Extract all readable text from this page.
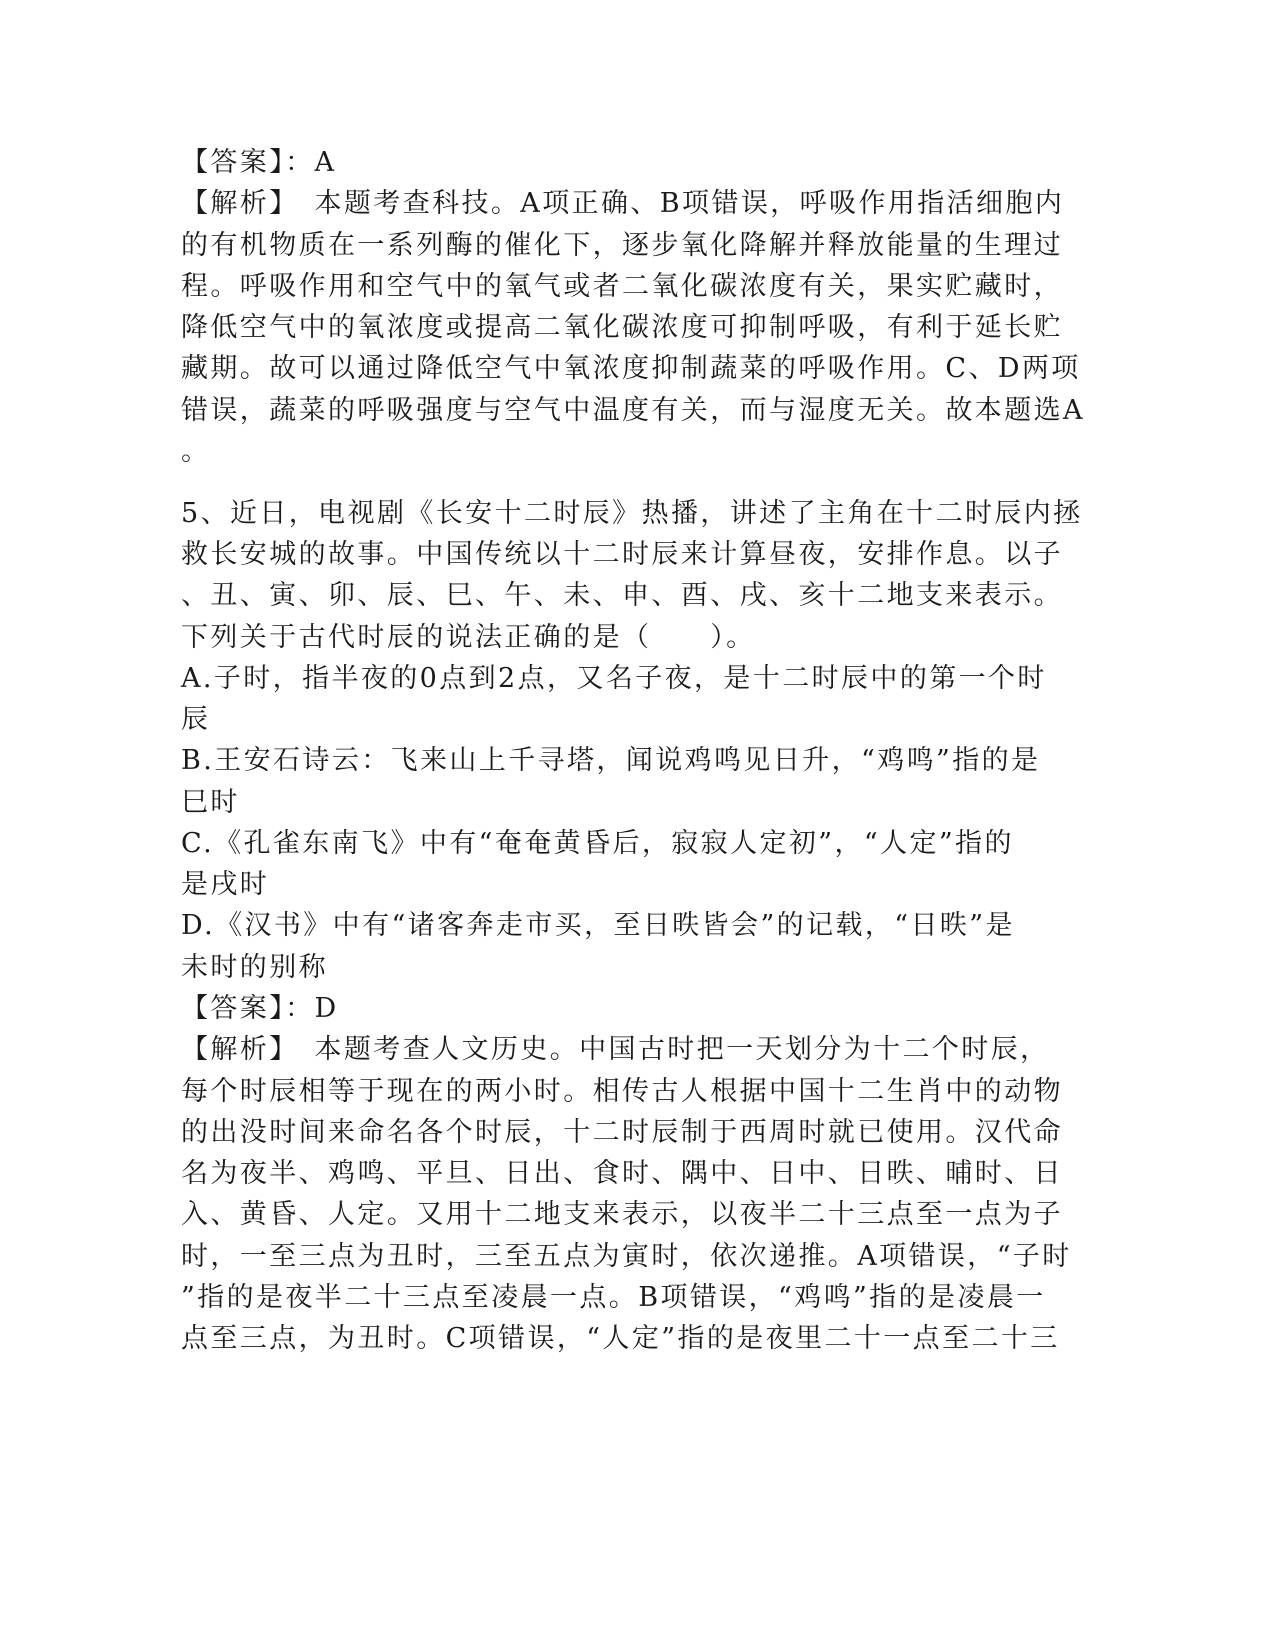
【答案】：A
【解析】　本题考查科技。A项正确、B项错误，呼吸作用指活细胞内
的有机物质在一系列酶的催化下，逐步氧化降解并释放能量的生理过
程。呼吸作用和空气中的氧气或者二氧化碳浓度有关，果实贮藏时，
降低空气中的氧浓度或提高二氧化碳浓度可抑制呼吸，有利于延长贮
藏期。故可以通过降低空气中氧浓度抑制蔬菜的呼吸作用。C、D两项
错误，蔬菜的呼吸强度与空气中温度有关，而与湿度无关。故本题选A
。
5、近日，电视剧《长安十二时辰》热播，讲述了主角在十二时辰内拯
救长安城的故事。中国传统以十二时辰来计算昼夜，安排作息。以子
、丑、寅、卯、辰、巳、午、未、申、酉、戌、亥十二地支来表示。
下列关于古代时辰的说法正确的是（　　）。
A.子时，指半夜的0点到2点，又名子夜，是十二时辰中的第一个时
辰
B.王安石诗云：飞来山上千寻塔，闻说鸡鸣见日升，“鸡鸣”指的是
巳时
C.《孔雀东南飞》中有“奄奄黄昏后，寂寂人定初”，“人定”指的
是戌时
D.《汉书》中有“诸客奔走市买，至日昳皆会”的记载，“日昳”是
未时的别称
【答案】：D
【解析】　本题考查人文历史。中国古时把一天划分为十二个时辰，
每个时辰相等于现在的两小时。相传古人根据中国十二生肖中的动物
的出没时间来命名各个时辰，十二时辰制于西周时就已使用。汉代命
名为夜半、鸡鸣、平旦、日出、食时、隅中、日中、日昳、晡时、日
入、黄昏、人定。又用十二地支来表示，以夜半二十三点至一点为子
时，一至三点为丑时，三至五点为寅时，依次递推。A项错误，“子时
”指的是夜半二十三点至凌晨一点。B项错误，“鸡鸣”指的是凌晨一
点至三点，为丑时。C项错误，“人定”指的是夜里二十一点至二十三
